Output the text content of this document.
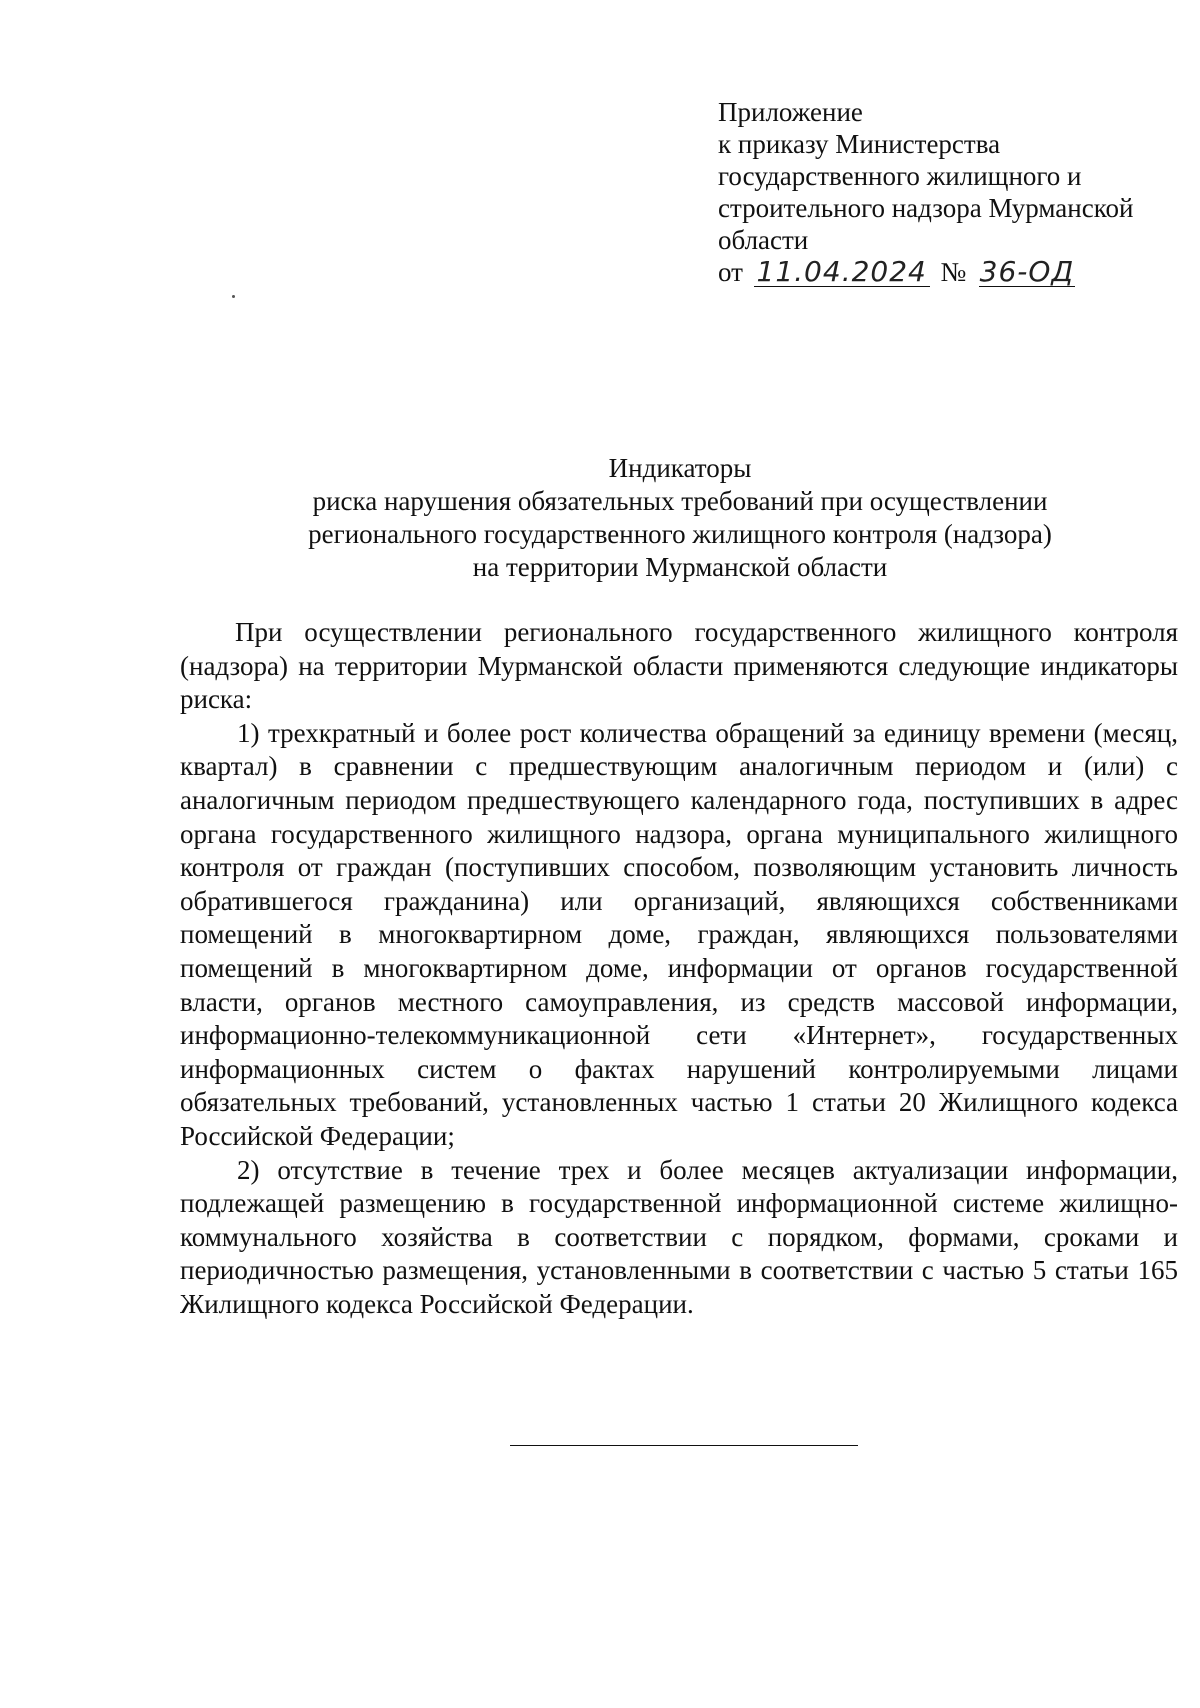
Приложение
к приказу Министерства
государственного жилищного и
строительного надзора Мурманской
области
от 11.04.2024 № 36-ОД
Индикаторы
риска нарушения обязательных требований при осуществлении
регионального государственного жилищного контроля (надзора)
на территории Мурманской области

При осуществлении регионального государственного жилищного контроля (надзора) на территории Мурманской области применяются следующие индикаторы риска:

1) трехкратный и более рост количества обращений за единицу времени (месяц, квартал) в сравнении с предшествующим аналогичным периодом и (или) с аналогичным периодом предшествующего календарного года, поступивших в адрес органа государственного жилищного надзора, органа муниципального жилищного контроля от граждан (поступивших способом, позволяющим установить личность обратившегося гражданина) или организаций, являющихся собственниками помещений в многоквартирном доме, граждан, являющихся пользователями помещений в многоквартирном доме, информации от органов государственной власти, органов местного самоуправления, из средств массовой информации, информационно-телекоммуникационной сети «Интернет», государственных информационных систем о фактах нарушений контролируемыми лицами обязательных требований, установленных частью 1 статьи 20 Жилищного кодекса Российской Федерации;

2) отсутствие в течение трех и более месяцев актуализации информации, подлежащей размещению в государственной информационной системе жилищно-коммунального хозяйства в соответствии с порядком, формами, сроками и периодичностью размещения, установленными в соответствии с частью 5 статьи 165 Жилищного кодекса Российской Федерации.
